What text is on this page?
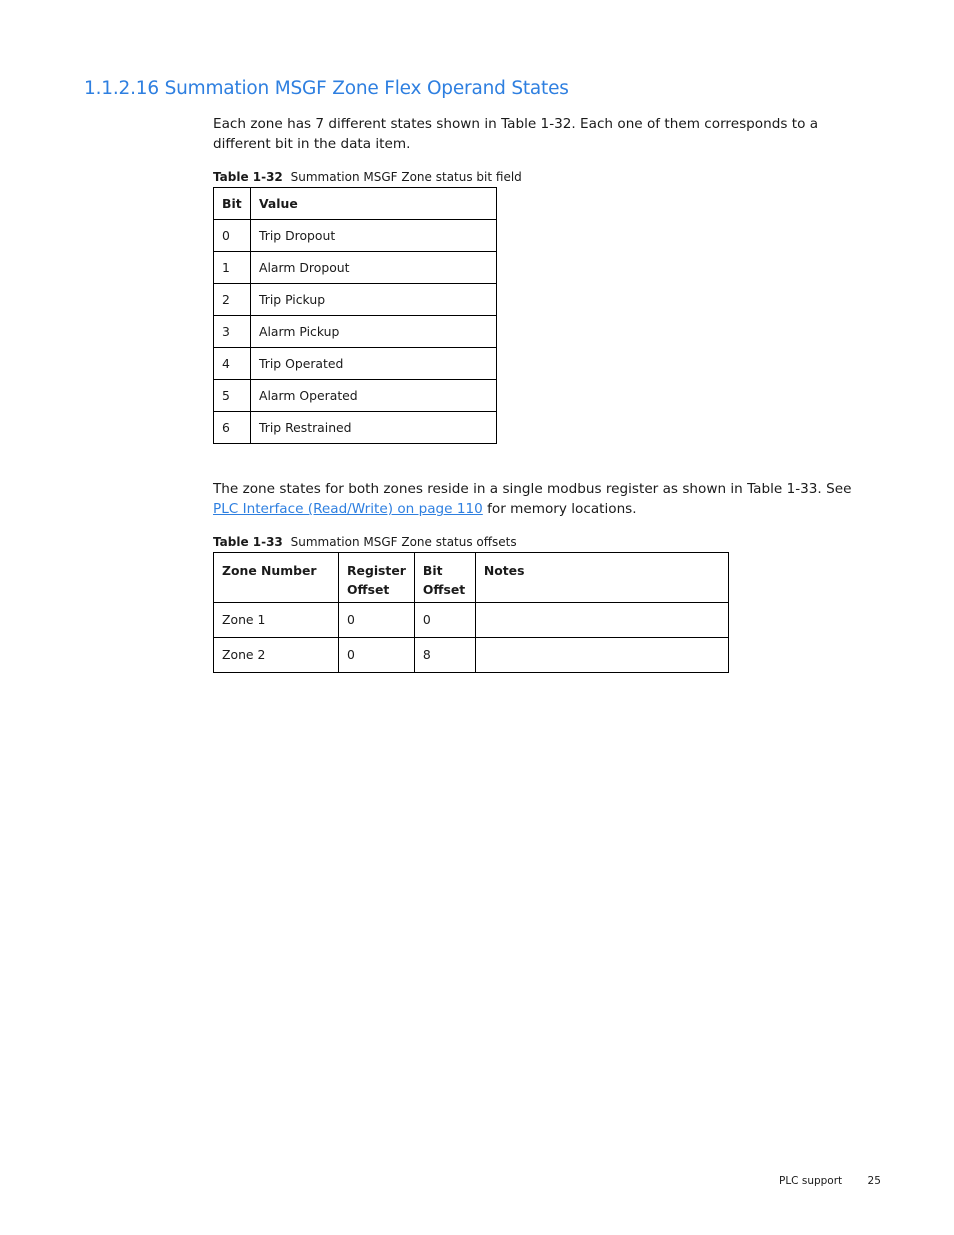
1.1.2.16 Summation MSGF Zone Flex Operand States

Each zone has 7 different states shown in Table 1-32. Each one of them corresponds to a different bit in the data item.

Table 1-32 Summation MSGF Zone status bit field

Bit	Value
0	Trip Dropout
1	Alarm Dropout
2	Trip Pickup
3	Alarm Pickup
4	Trip Operated
5	Alarm Operated
6	Trip Restrained

The zone states for both zones reside in a single modbus register as shown in Table 1-33. See PLC Interface (Read/Write) on page 110 for memory locations.

Table 1-33 Summation MSGF Zone status offsets

Zone Number	Register Offset	Bit Offset	Notes
Zone 1	0	0	
Zone 2	0	8	
PLC support 25
